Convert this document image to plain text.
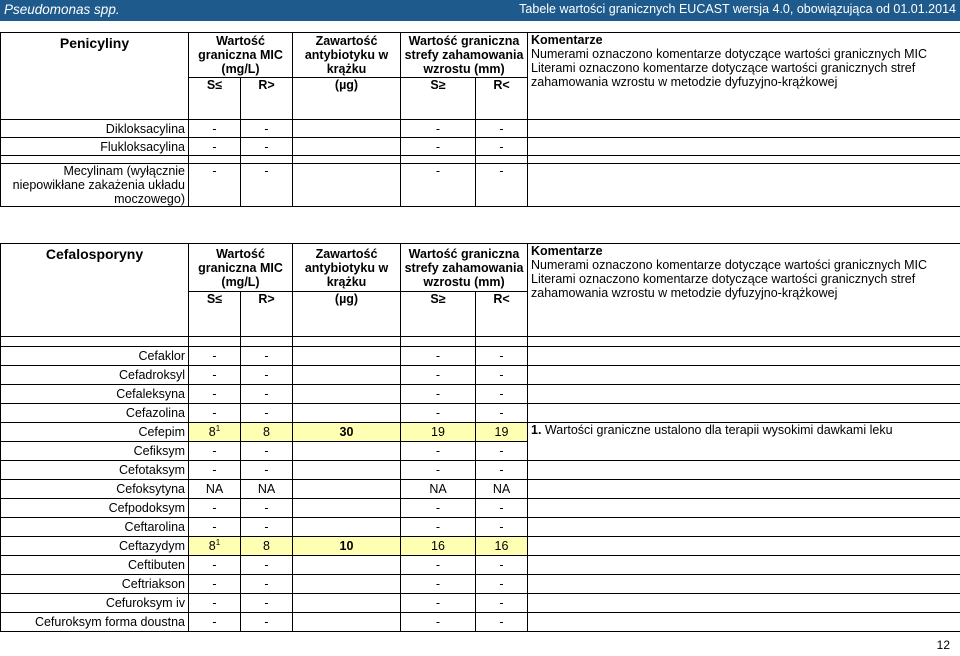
Pseudomonas spp.	Tabele wartości granicznych EUCAST wersja 4.0, obowiązująca od 01.01.2014
Penicyliny	Wartość graniczna MIC (mg/L)		Zawartość antybiotyku w krążku	Wartość graniczna strefy zahamowania wzrostu (mm)		Komentarze
Numerami oznaczono komentarze dotyczące wartości granicznych MIC
Literami oznaczono komentarze dotyczące wartości granicznych stref zahamowania wzrostu w metodzie dyfuzyjno-krążkowej

	S≤	R>	(µg)	S≥	R<	
Dikloksacylina	-	-		-	-	
Flukloksacylina	-	-		-	-	

Mecylinam (wyłącznie niepowikłane zakażenia układu moczowego)	-	-		-	-	
Cefalosporyny	Wartość graniczna MIC (mg/L)		Zawartość antybiotyku w krążku	Wartość graniczna strefy zahamowania wzrostu (mm)		Komentarze
Numerami oznaczono komentarze dotyczące wartości granicznych MIC
Literami oznaczono komentarze dotyczące wartości granicznych stref zahamowania wzrostu w metodzie dyfuzyjno-krążkowej

	S≤	R>	(µg)	S≥	R<	

Cefaklor	-	-		-	-	
Cefadroksyl	-	-		-	-	
Cefaleksyna	-	-		-	-	
Cefazolina	-	-		-	-	
Cefepim	$8^1$	8	30	19	19	1. Wartości graniczne ustalono dla terapii wysokimi dawkami leku
Cefiksym	-	-		-	-	
Cefotaksym	-	-		-	-	
Cefoksytyna	NA	NA		NA	NA	
Cefpodoksym	-	-		-	-	
Ceftarolina	-	-		-	-	
Ceftazydym	$8^1$	8	10	16	16	
Ceftibuten	-	-		-	-	
Ceftriakson	-	-		-	-	
Cefuroksym iv	-	-		-	-	
Cefuroksym forma doustna	-	-		-	-	
12
